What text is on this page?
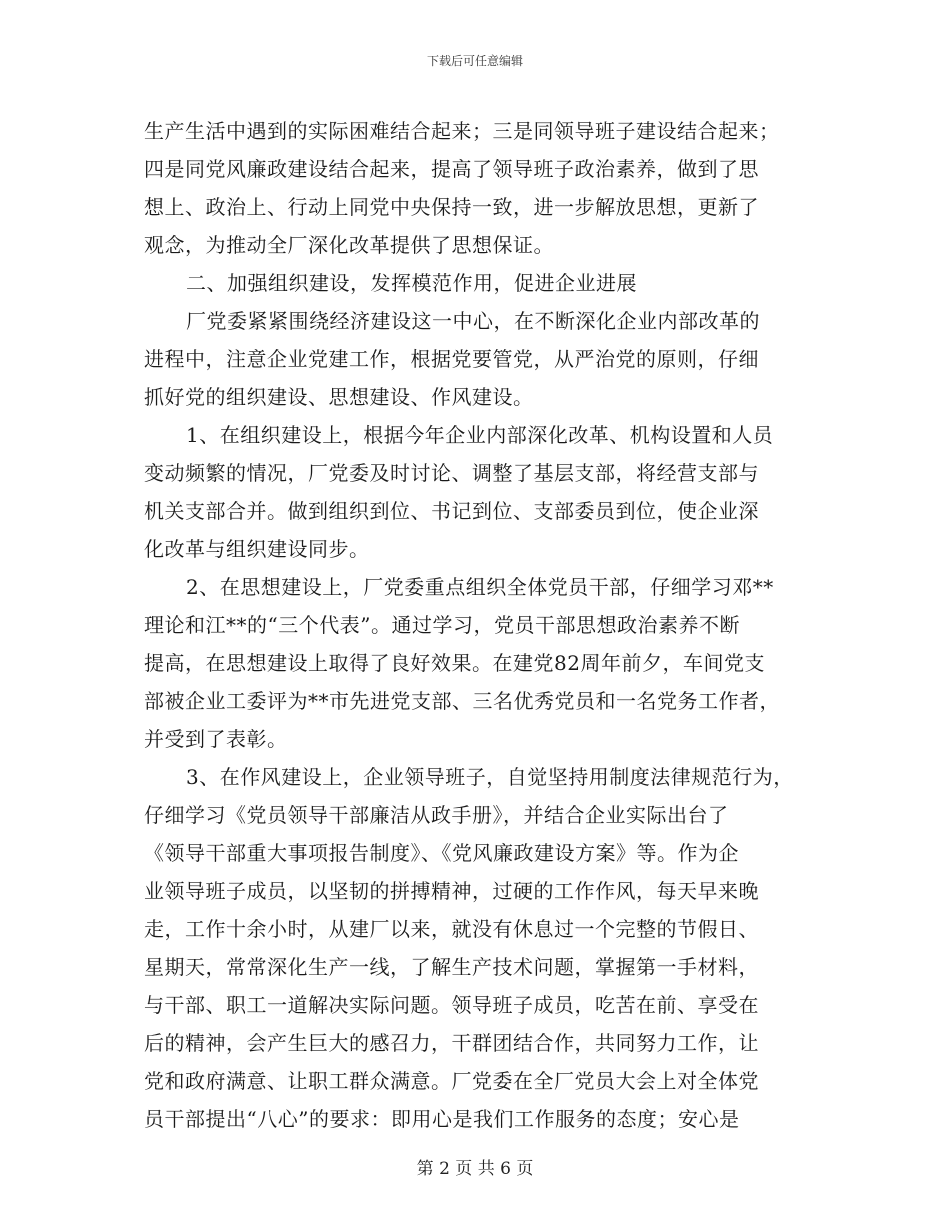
下载后可任意编辑
生产生活中遇到的实际困难结合起来；三是同领导班子建设结合起来；
四是同党风廉政建设结合起来，提高了领导班子政治素养，做到了思
想上、政治上、行动上同党中央保持一致，进一步解放思想，更新了
观念，为推动全厂深化改革提供了思想保证。
二、加强组织建设，发挥模范作用，促进企业进展
厂党委紧紧围绕经济建设这一中心，在不断深化企业内部改革的
进程中，注意企业党建工作，根据党要管党，从严治党的原则，仔细
抓好党的组织建设、思想建设、作风建设。
1、在组织建设上，根据今年企业内部深化改革、机构设置和人员
变动频繁的情况，厂党委及时讨论、调整了基层支部，将经营支部与
机关支部合并。做到组织到位、书记到位、支部委员到位，使企业深
化改革与组织建设同步。
2、在思想建设上，厂党委重点组织全体党员干部，仔细学习邓**
理论和江**的“三个代表”。通过学习，党员干部思想政治素养不断
提高，在思想建设上取得了良好效果。在建党82周年前夕，车间党支
部被企业工委评为**市先进党支部、三名优秀党员和一名党务工作者，
并受到了表彰。
3、在作风建设上，企业领导班子，自觉坚持用制度法律规范行为，
仔细学习《党员领导干部廉洁从政手册》，并结合企业实际出台了
《领导干部重大事项报告制度》、《党风廉政建设方案》等。作为企
业领导班子成员，以坚韧的拼搏精神，过硬的工作作风，每天早来晚
走，工作十余小时，从建厂以来，就没有休息过一个完整的节假日、
星期天，常常深化生产一线，了解生产技术问题，掌握第一手材料，
与干部、职工一道解决实际问题。领导班子成员，吃苦在前、享受在
后的精神，会产生巨大的感召力，干群团结合作，共同努力工作，让
党和政府满意、让职工群众满意。厂党委在全厂党员大会上对全体党
员干部提出“八心”的要求：即用心是我们工作服务的态度；安心是
第 2 页 共 6 页
